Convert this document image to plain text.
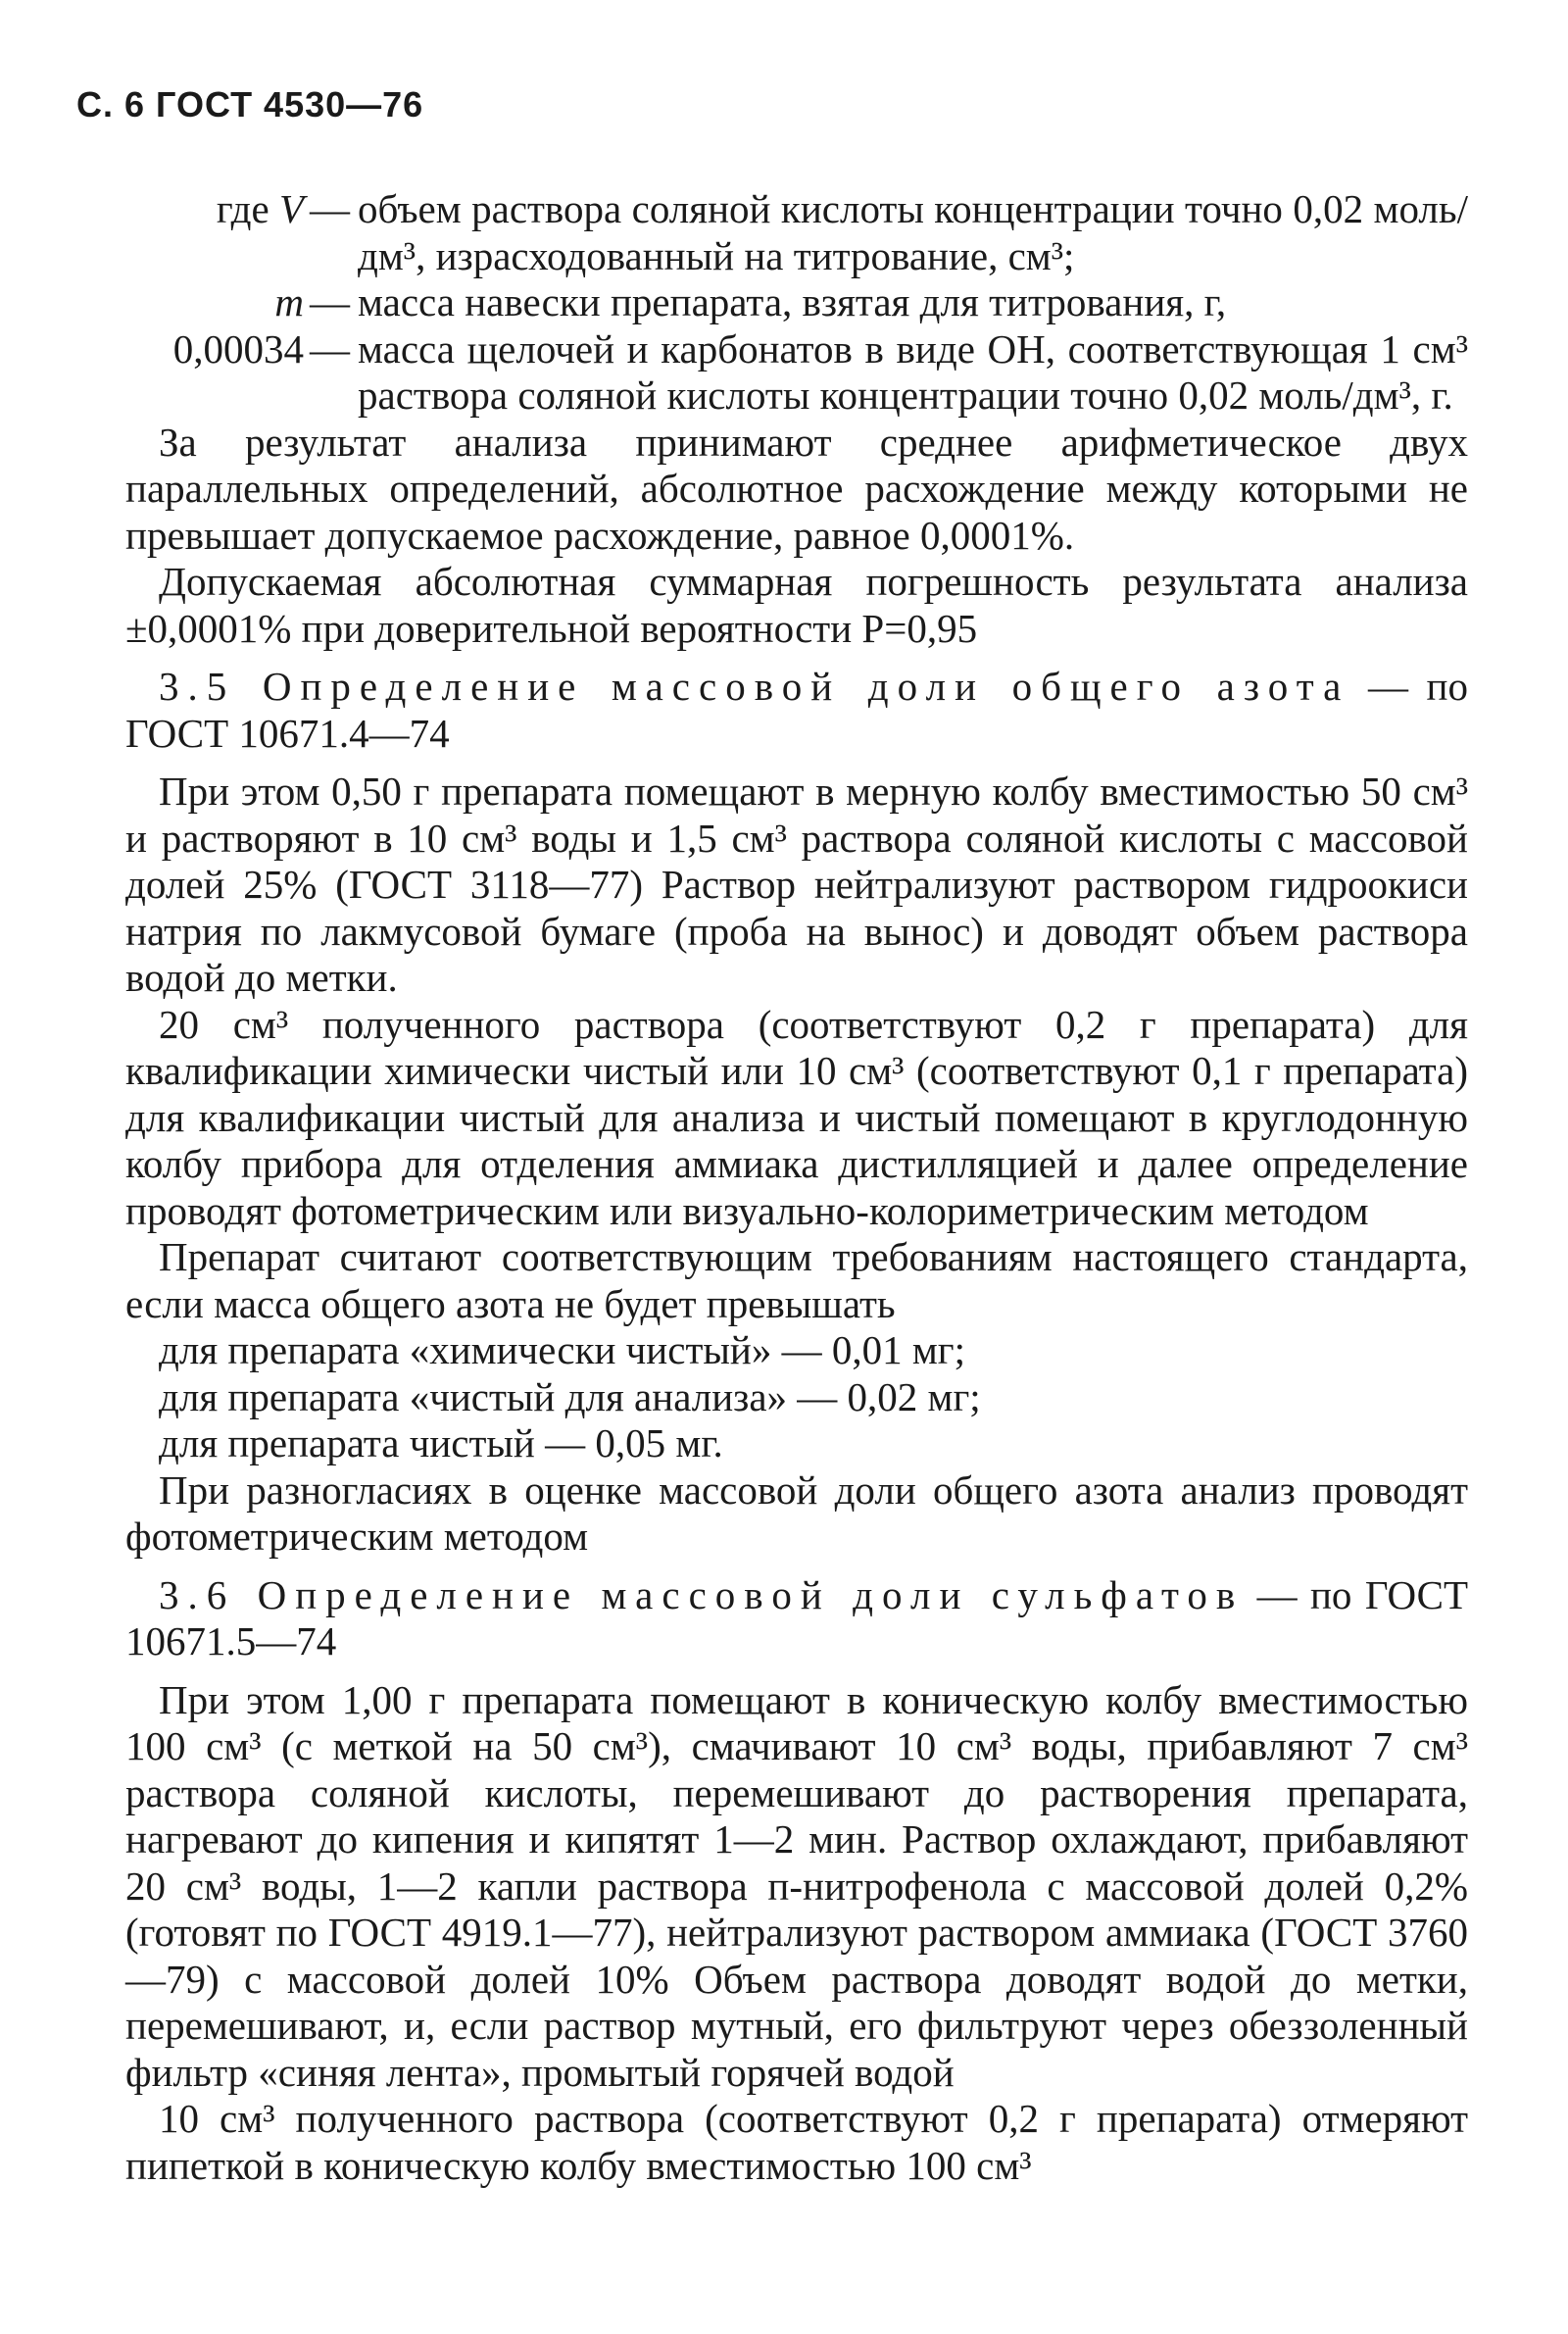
С. 6 ГОСТ 4530—76
где V — объем раствора соляной кислоты концентрации точно 0,02 моль/дм³, израсходованный на титрование, см³;
m — масса навески препарата, взятая для титрования, г,
0,00034 — масса щелочей и карбонатов в виде ОН, соответствующая 1 см³ раствора соляной кислоты концентрации точно 0,02 моль/дм³, г.

За результат анализа принимают среднее арифметическое двух параллельных определений, абсолютное расхождение между которыми не превышает допускаемое расхождение, равное 0,0001%.

Допускаемая абсолютная суммарная погрешность результата анализа ±0,0001% при доверительной вероятности Р=0,95

3.5 Определение массовой доли общего азота — по ГОСТ 10671.4—74

При этом 0,50 г препарата помещают в мерную колбу вместимостью 50 см³ и растворяют в 10 см³ воды и 1,5 см³ раствора соляной кислоты с массовой долей 25% (ГОСТ 3118—77) Раствор нейтрализуют раствором гидроокиси натрия по лакмусовой бумаге (проба на вынос) и доводят объем раствора водой до метки.

20 см³ полученного раствора (соответствуют 0,2 г препарата) для квалификации химически чистый или 10 см³ (соответствуют 0,1 г препарата) для квалификации чистый для анализа и чистый помещают в круглодонную колбу прибора для отделения аммиака дистилляцией и далее определение проводят фотометрическим или визуально-колориметрическим методом

Препарат считают соответствующим требованиям настоящего стандарта, если масса общего азота не будет превышать

для препарата «химически чистый» — 0,01 мг;
для препарата «чистый для анализа» — 0,02 мг;
для препарата чистый — 0,05 мг.

При разногласиях в оценке массовой доли общего азота анализ проводят фотометрическим методом

3.6 Определение массовой доли сульфатов — по ГОСТ 10671.5—74

При этом 1,00 г препарата помещают в коническую колбу вместимостью 100 см³ (с меткой на 50 см³), смачивают 10 см³ воды, прибавляют 7 см³ раствора соляной кислоты, перемешивают до растворения препарата, нагревают до кипения и кипятят 1—2 мин. Раствор охлаждают, прибавляют 20 см³ воды, 1—2 капли раствора п-нитрофенола с массовой долей 0,2% (готовят по ГОСТ 4919.1—77), нейтрализуют раствором аммиака (ГОСТ 3760—79) с массовой долей 10% Объем раствора доводят водой до метки, перемешивают, и, если раствор мутный, его фильтруют через обеззоленный фильтр «синяя лента», промытый горячей водой

10 см³ полученного раствора (соответствуют 0,2 г препарата) отмеряют пипеткой в коническую колбу вместимостью 100 см³
